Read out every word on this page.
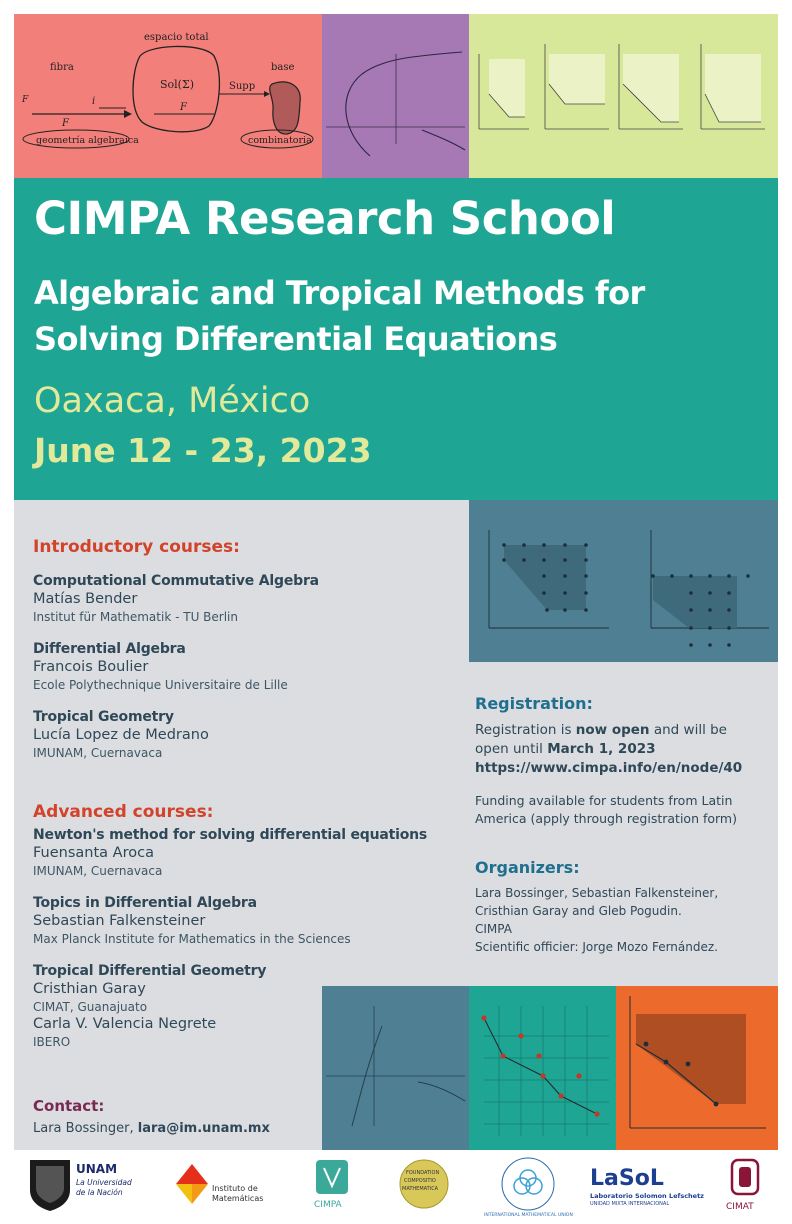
fibra
espacio total
base
Sol(Σ)
i
Supp
F
F
F
geometría algebraica	combinatoria
CIMPA Research School
Algebraic and Tropical Methods for Solving Differential Equations
Oaxaca, México
June 12 - 23, 2023
Introductory courses:
Computational Commutative Algebra
Matías Bender
Institut für Mathematik - TU Berlin
Differential Algebra
Francois Boulier
Ecole Polythechnique Universitaire de Lille
Tropical Geometry
Lucía Lopez de Medrano
IMUNAM, Cuernavaca
Advanced courses:
Newton's method for solving differential equations
Fuensanta Aroca
IMUNAM, Cuernavaca
Topics in Differential Algebra
Sebastian Falkensteiner
Max Planck Institute for Mathematics in the Sciences
Tropical Differential Geometry
Cristhian Garay
CIMAT, Guanajuato
Carla V. Valencia Negrete
IBERO
Registration:
Registration is now open and will be
open until March 1, 2023
https://www.cimpa.info/en/node/40
Funding available for students from Latin America (apply through registration form)
Organizers:
Lara Bossinger, Sebastian Falkensteiner, Cristhian Garay and Gleb Pogudin.
CIMPA
Scientific officier: Jorge Mozo Fernández.
Contact:
Lara Bossinger, lara@im.unam.mx
UNAM
La Universidad
de la Nación	Instituto de
Matemáticas
CIMPA
FOUNDATION
COMPOSITIO
MATHEMATICA
INTERNATIONAL MATHEMATICAL UNION
LaSoL
Laboratorio Solomon Lefschetz
UNIDAD MIXTA INTERNACIONAL	CIMAT
